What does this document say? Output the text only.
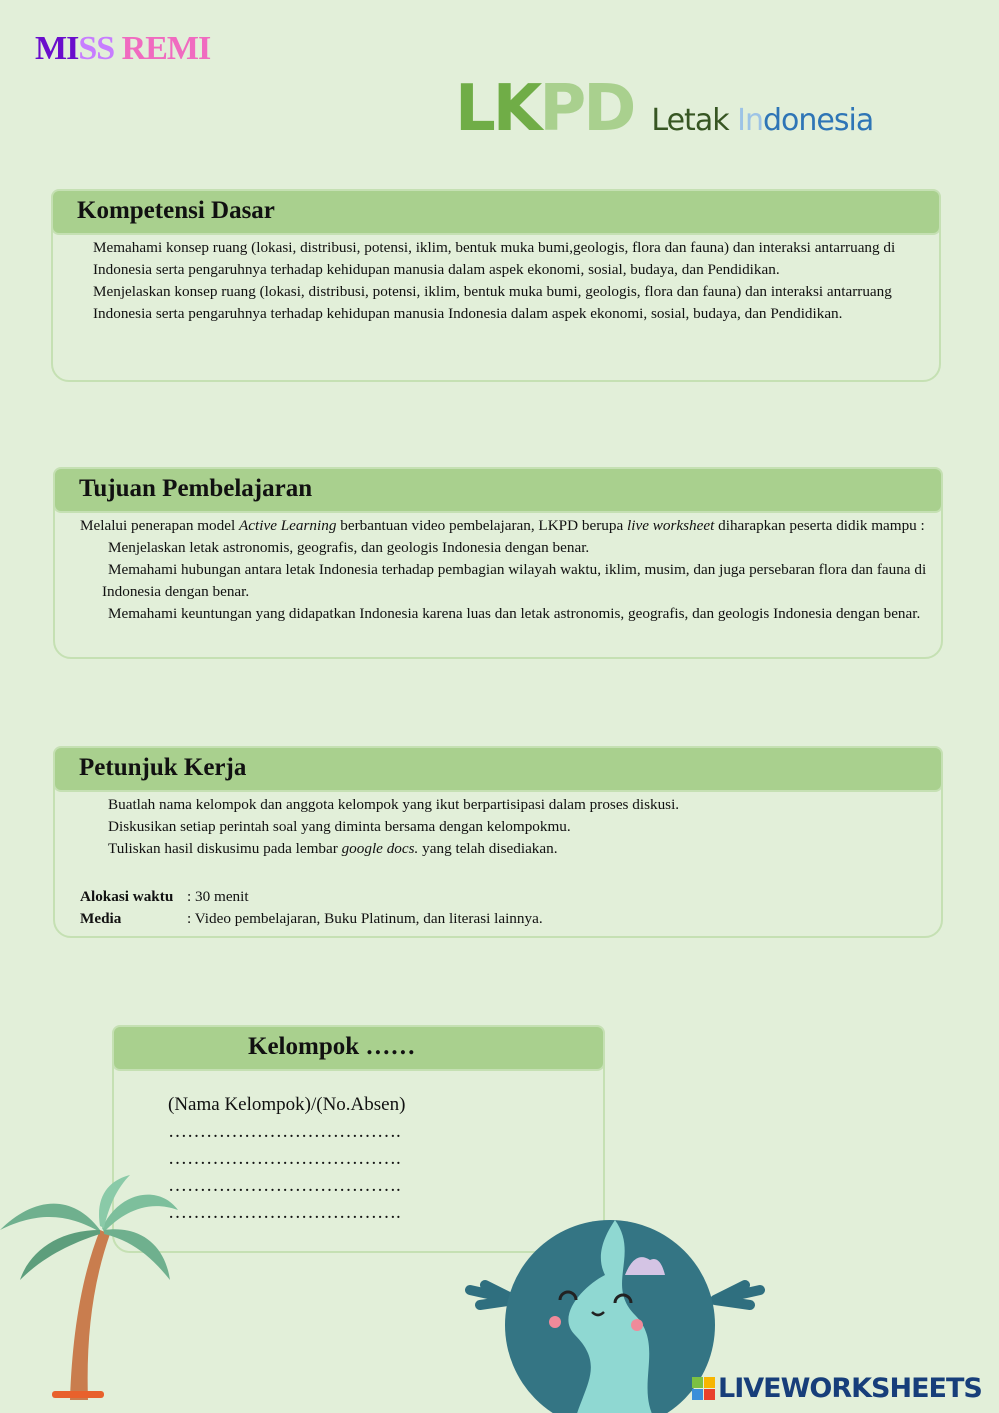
MISS REMI
LKPD Letak Indonesia
Kompetensi Dasar

Memahami konsep ruang (lokasi, distribusi, potensi, iklim, bentuk muka bumi,geologis, flora dan fauna) dan interaksi antarruang di Indonesia serta pengaruhnya terhadap kehidupan manusia dalam aspek ekonomi, sosial, budaya, dan Pendidikan.

Menjelaskan konsep ruang (lokasi, distribusi, potensi, iklim, bentuk muka bumi, geologis, flora dan fauna) dan interaksi antarruang Indonesia serta pengaruhnya terhadap kehidupan manusia Indonesia dalam aspek ekonomi, sosial, budaya, dan Pendidikan.

Tujuan Pembelajaran

Melalui penerapan model Active Learning berbantuan video pembelajaran, LKPD berupa live worksheet diharapkan peserta didik mampu :

Menjelaskan letak astronomis, geografis, dan geologis Indonesia dengan benar.

Memahami hubungan antara letak Indonesia terhadap pembagian wilayah waktu, iklim, musim, dan juga persebaran flora dan fauna di Indonesia dengan benar.

Memahami keuntungan yang didapatkan Indonesia karena luas dan letak astronomis, geografis, dan geologis Indonesia dengan benar.

Petunjuk Kerja

Buatlah nama kelompok dan anggota kelompok yang ikut berpartisipasi dalam proses diskusi.

Diskusikan setiap perintah soal yang diminta bersama dengan kelompokmu.

Tuliskan hasil diskusimu pada lembar google docs. yang telah disediakan.

Alokasi waktu : 30 menit

Media	: Video pembelajaran, Buku Platinum, dan literasi lainnya.

Kelompok ……

(Nama Kelompok)/(No.Absen)

……………………………….

……………………………….

……………………………….

……………………………….

LIVEWORKSHEETS
